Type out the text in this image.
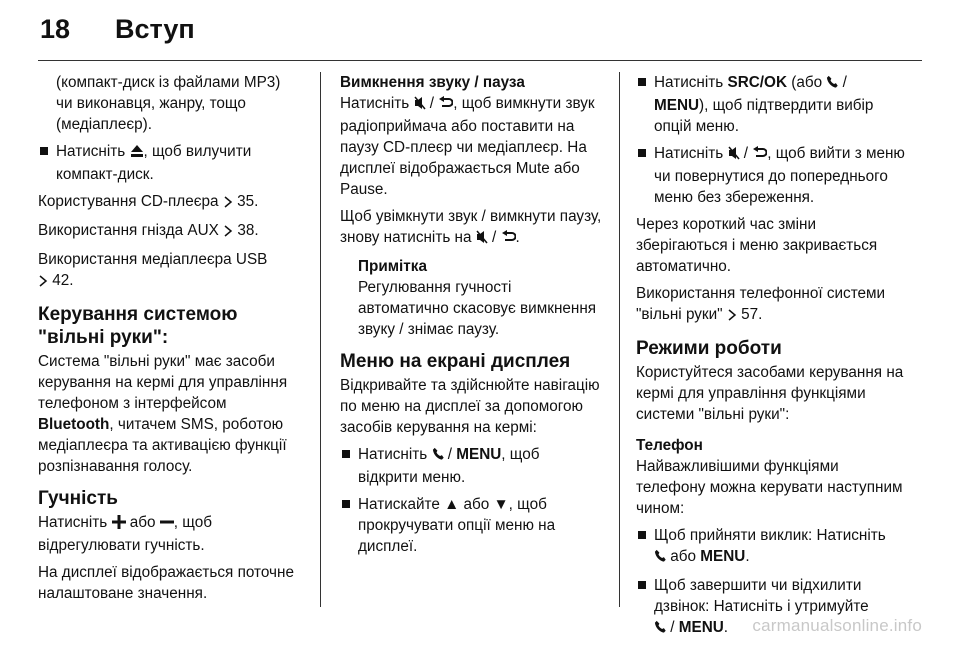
18 Вступ

(компакт-диск із файлами MP3) чи виконавця, жанру, тощо (медіаплеєр).

Натисніть , щоб вилучити компакт-диск.

Користування CD-плеєра 35.

Використання гнізда AUX 38.

Використання медіаплеєра USB
42.

Керування системою "вільні руки":

Система "вільні руки" має засоби керування на кермі для управління телефоном з інтерфейсом Bluetooth, читачем SMS, роботою медіаплеєра та активацією функції розпізнавання голосу.

Гучність

Натисніть або , щоб відрегулювати гучність.

На дисплеї відображається поточне налаштоване значення.

Вимкнення звуку / пауза

Натисніть / , щоб вимкнути звук радіоприймача або поставити на паузу CD-плеєр чи медіаплеєр. На дисплеї відображається Mute або Pause.

Щоб увімкнути звук / вимкнути паузу, знову натисніть на / .

Примітка
Регулювання гучності автоматично скасовує вимкнення звуку / знімає паузу.
Меню на екрані дисплея

Відкривайте та здійснюйте навігацію по меню на дисплеї за допомогою засобів керування на кермі:

Натисніть / MENU, щоб відкрити меню.
Натискайте ▲ або ▼, щоб прокручувати опції меню на дисплеї.
Натисніть SRC/OK (або /
MENU), щоб підтвердити вибір опцій меню.
Натисніть / , щоб вийти з меню чи повернутися до попереднього меню без збереження.

Через короткий час зміни зберігаються і меню закривається автоматично.

Використання телефонної системи "вільні руки" 57.

Режими роботи

Користуйтеся засобами керування на кермі для управління функціями системи "вільні руки":

Телефон

Найважливішими функціями телефону можна керувати наступним чином:

Щоб прийняти виклик: Натисніть
або MENU.
Щоб завершити чи відхилити дзвінок: Натисніть і утримуйте
/ MENU.	carmanualsonline.info
